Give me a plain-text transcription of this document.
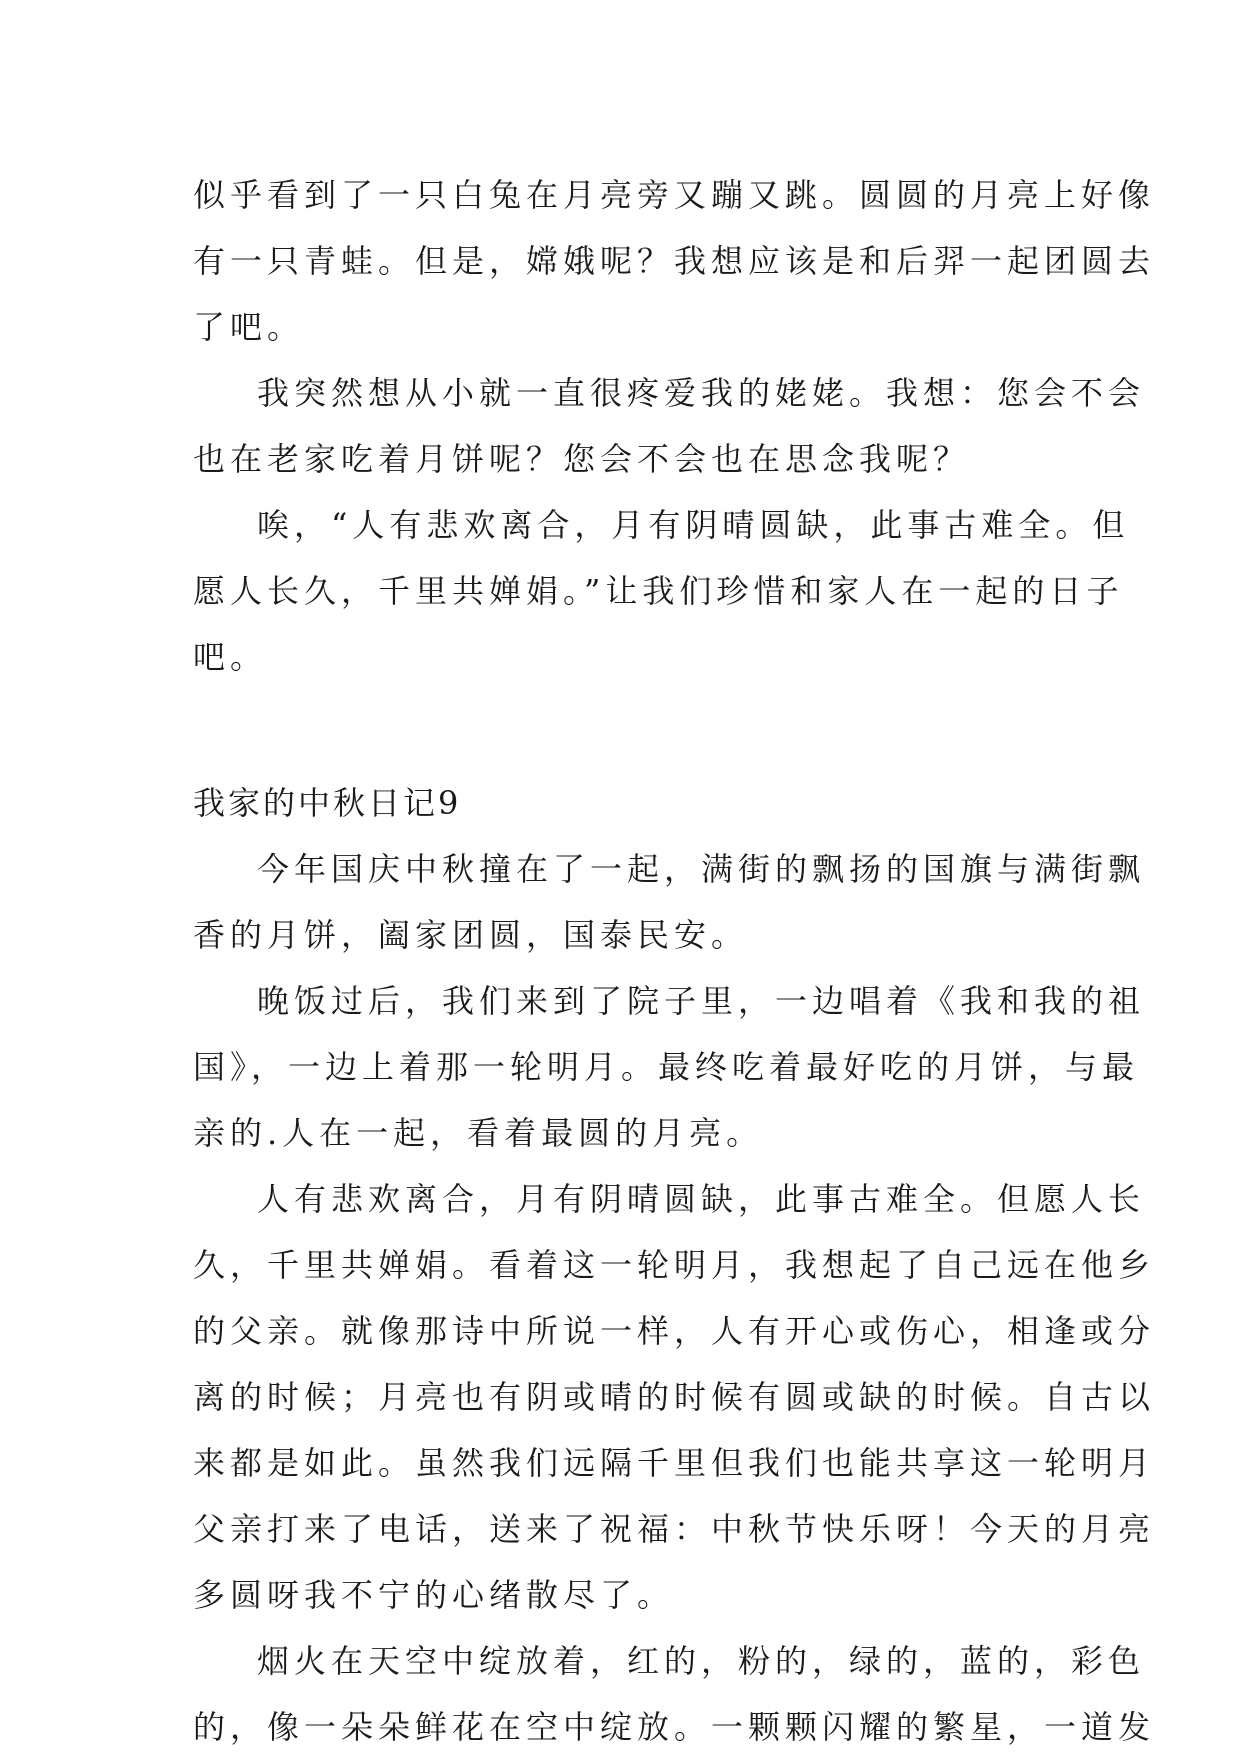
似乎看到了一只白兔在月亮旁又蹦又跳。圆圆的月亮上好像
有一只青蛙。但是，嫦娥呢？我想应该是和后羿一起团圆去
了吧。
我突然想从小就一直很疼爱我的姥姥。我想：您会不会
也在老家吃着月饼呢？您会不会也在思念我呢？
唉，“人有悲欢离合，月有阴晴圆缺，此事古难全。但
愿人长久，千里共婵娟。”让我们珍惜和家人在一起的日子
吧。
我家的中秋日记9
今年国庆中秋撞在了一起，满街的飘扬的国旗与满街飘
香的月饼，阖家团圆，国泰民安。
晚饭过后，我们来到了院子里，一边唱着《我和我的祖
国》，一边上着那一轮明月。最终吃着最好吃的月饼，与最
亲的.人在一起，看着最圆的月亮。
人有悲欢离合，月有阴晴圆缺，此事古难全。但愿人长
久，千里共婵娟。看着这一轮明月，我想起了自己远在他乡
的父亲。就像那诗中所说一样，人有开心或伤心，相逢或分
离的时候；月亮也有阴或晴的时候有圆或缺的时候。自古以
来都是如此。虽然我们远隔千里但我们也能共享这一轮明月
父亲打来了电话，送来了祝福：中秋节快乐呀！今天的月亮
多圆呀我不宁的心绪散尽了。
烟火在天空中绽放着，红的，粉的，绿的，蓝的，彩色
的，像一朵朵鲜花在空中绽放。一颗颗闪耀的繁星，一道发
